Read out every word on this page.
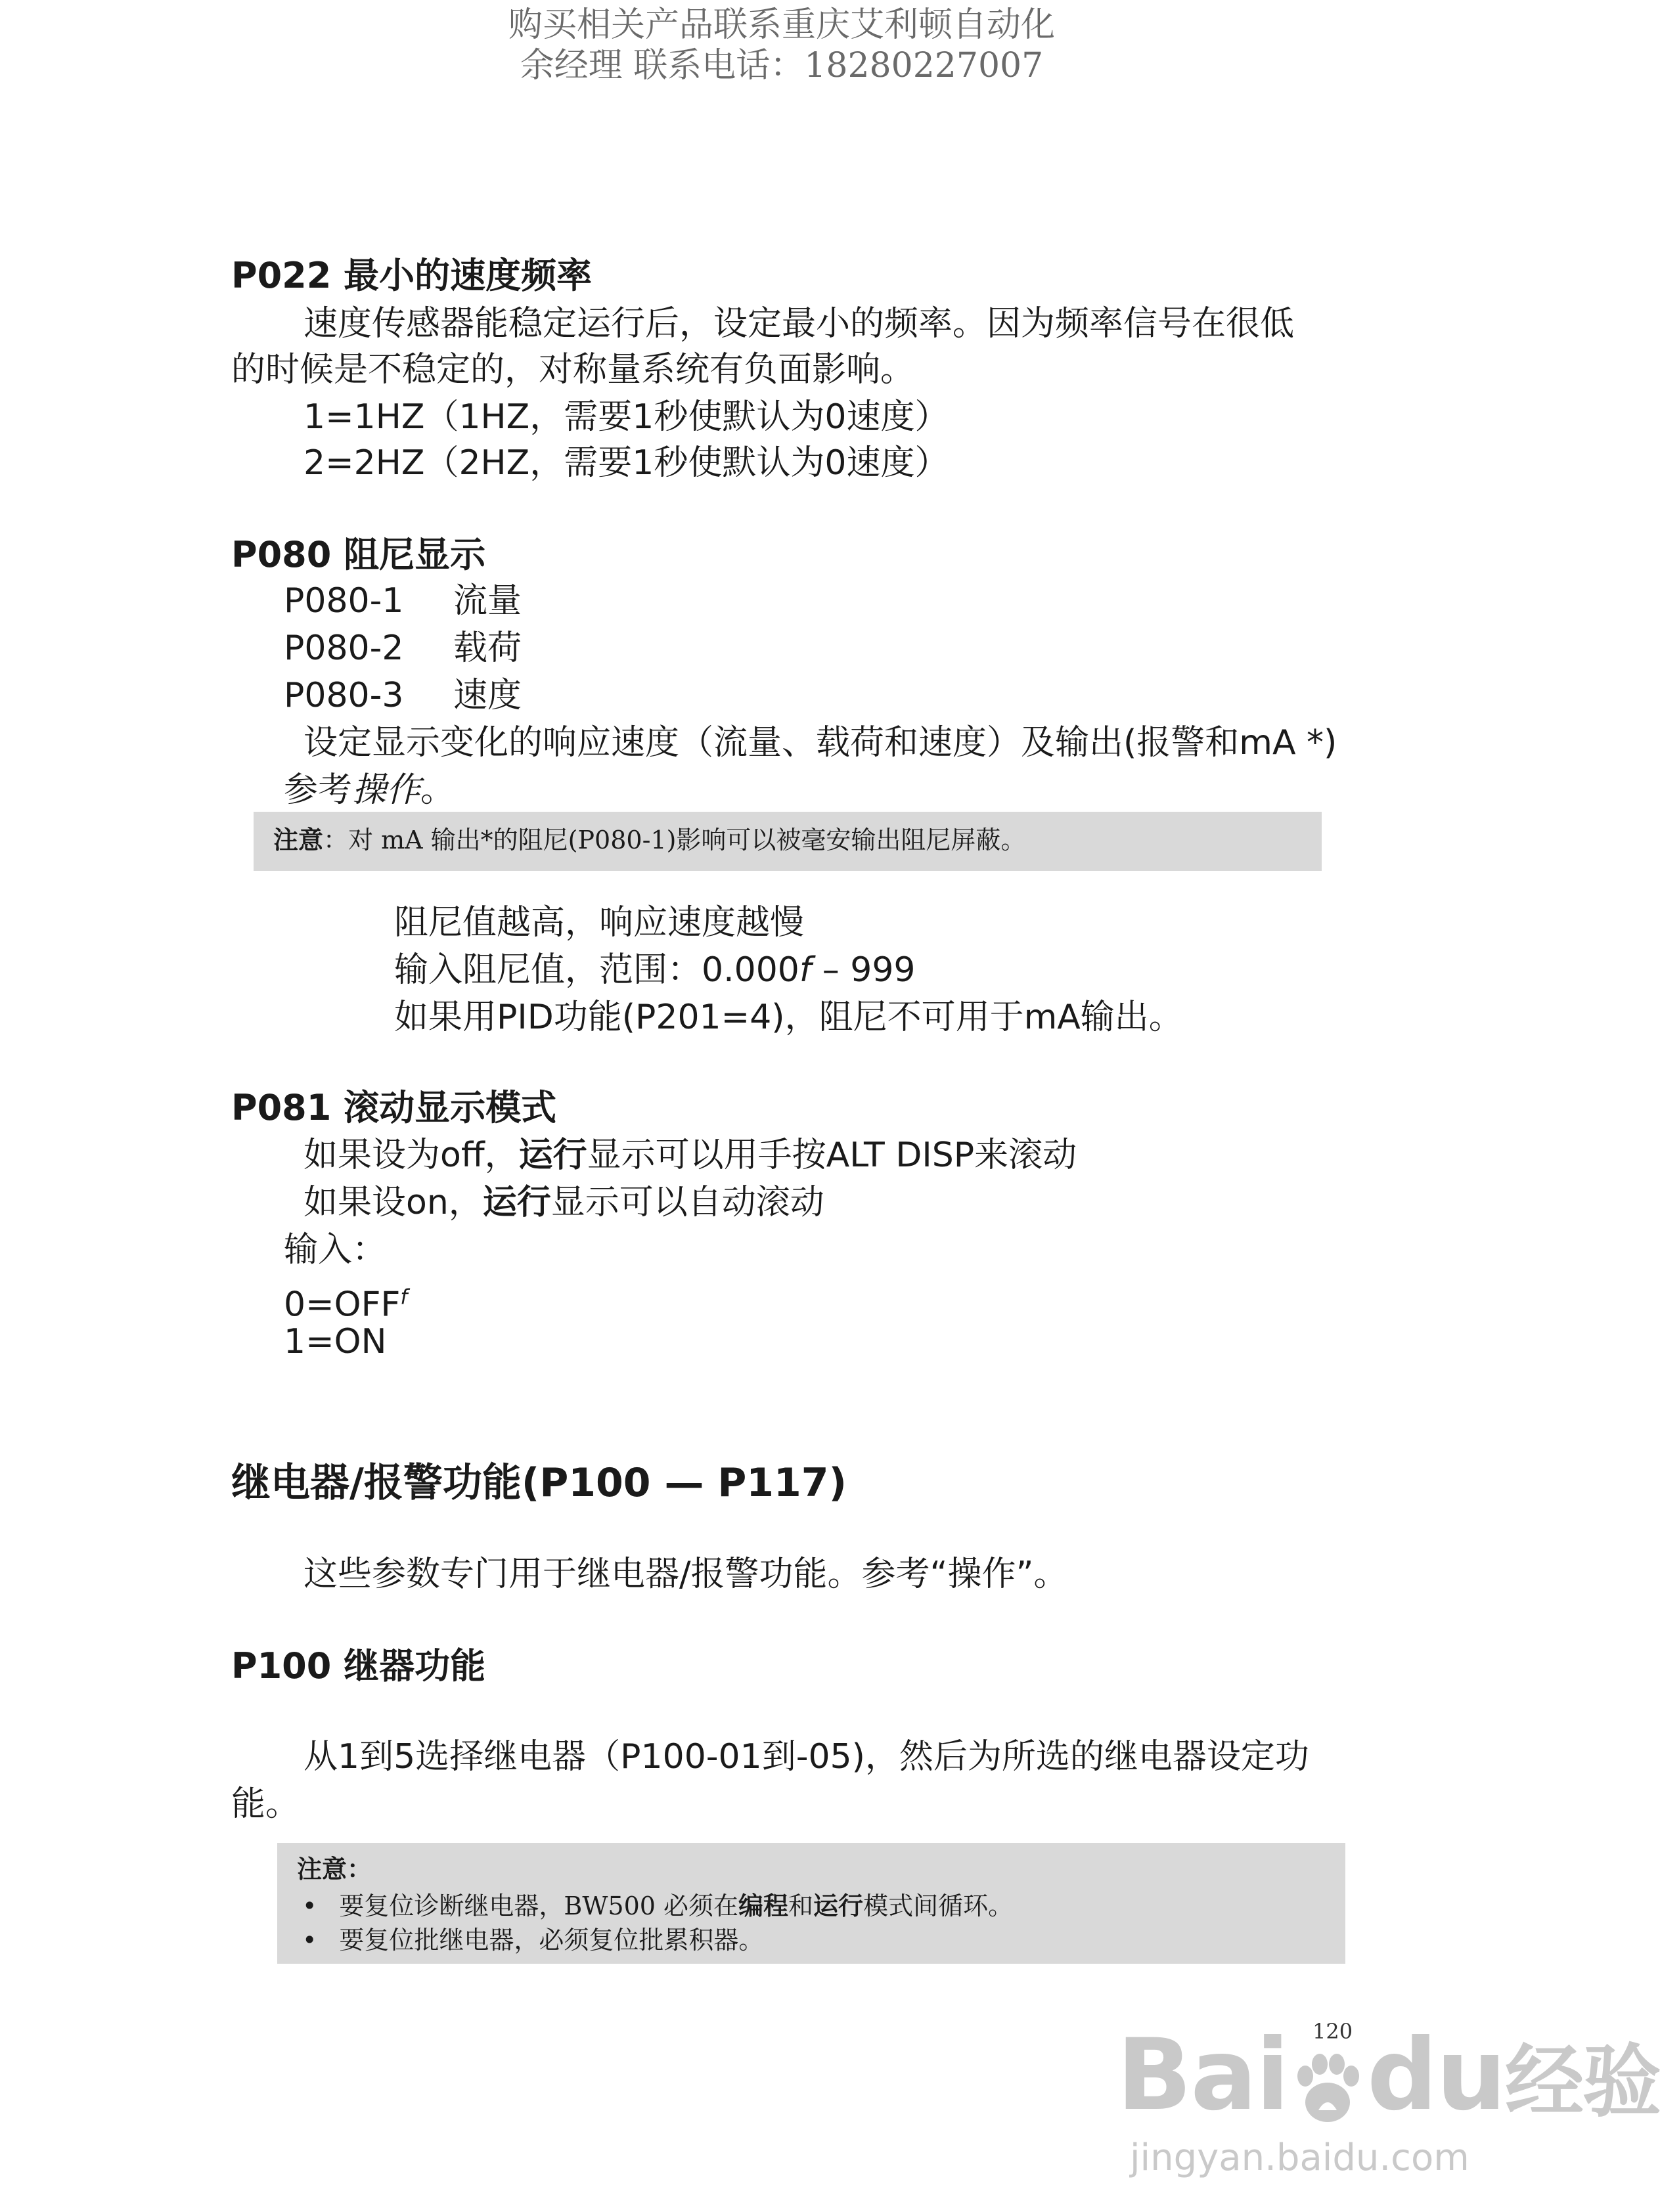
购买相关产品联系重庆艾利顿自动化
余经理 联系电话：18280227007
P022 最小的速度频率
速度传感器能稳定运行后，设定最小的频率。因为频率信号在很低
的时候是不稳定的，对称量系统有负面影响。
1=1HZ（1HZ，需要1秒使默认为0速度）
2=2HZ（2HZ，需要1秒使默认为0速度）
P080 阻尼显示
P080-1 流量
P080-2 载荷
P080-3 速度
设定显示变化的响应速度（流量、载荷和速度）及输出(报警和mA *)
参考操作。
注意：对 mA 输出*的阻尼(P080-1)影响可以被毫安输出阻尼屏蔽。
阻尼值越高，响应速度越慢
输入阻尼值，范围：0.000f – 999
如果用PID功能(P201=4)，阻尼不可用于mA输出。
P081 滚动显示模式
如果设为off，运行显示可以用手按ALT DISP来滚动
如果设on，运行显示可以自动滚动
输入：
$0=OFF^f$
1=ON
继电器/报警功能(P100 — P117)
这些参数专门用于继电器/报警功能。参考“操作”。
P100 继器功能
从1到5选择继电器（P100-01到-05)，然后为所选的继电器设定功
能。
注意：
• 要复位诊断继电器，BW500 必须在编程和运行模式间循环。
• 要复位批继电器，必须复位批累积器。
120
Bai du经验
jingyan.baidu.com
